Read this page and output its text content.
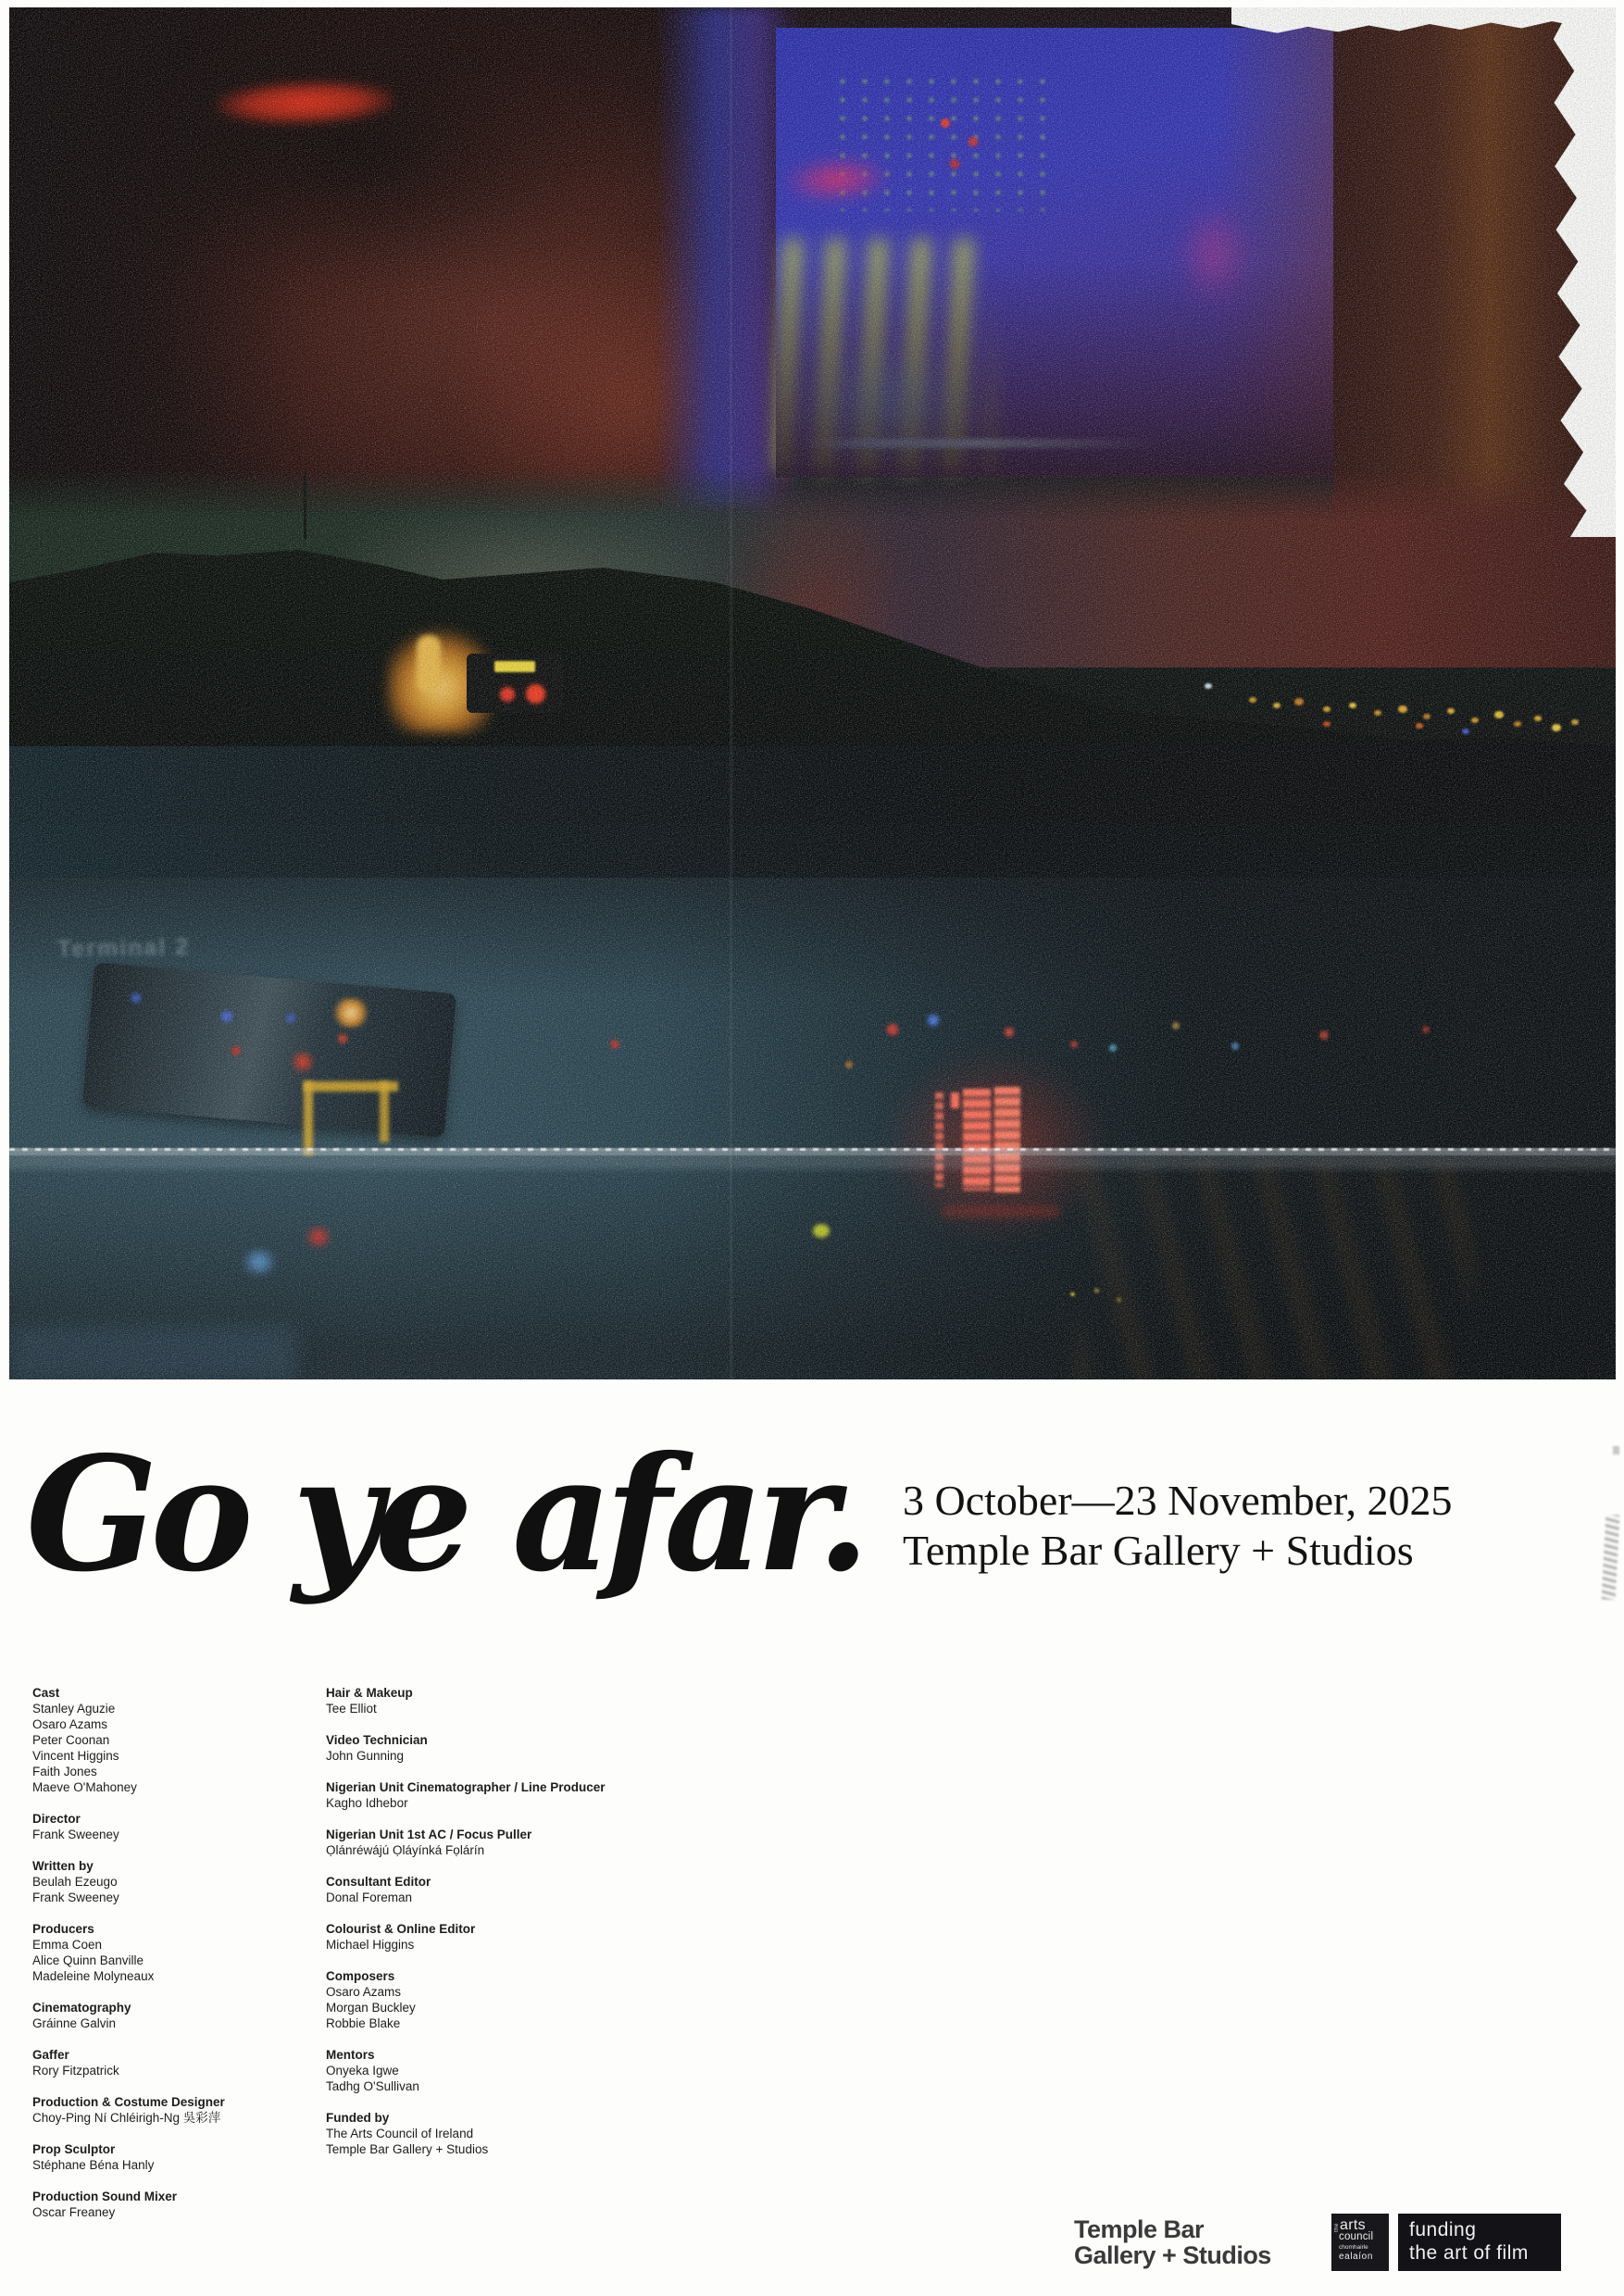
Go ye afar. 3 October—23 November, 2025
Temple Bar Gallery + Studios
Cast
Stanley Aguzie
Osaro Azams
Peter Coonan
Vincent Higgins
Faith Jones
Maeve O'Mahoney
Director
Frank Sweeney
Written by
Beulah Ezeugo
Frank Sweeney
Producers
Emma Coen
Alice Quinn Banville
Madeleine Molyneaux
Cinematography
Gráinne Galvin
Gaffer
Rory Fitzpatrick
Production & Costume Designer
Choy-Ping Ní Chléirigh-Ng 吳彩萍
Prop Sculptor
Stéphane Béna Hanly
Production Sound Mixer
Oscar Freaney
Hair & Makeup
Tee Elliot
Video Technician
John Gunning
Nigerian Unit Cinematographer / Line Producer
Kagho Idhebor
Nigerian Unit 1st AC / Focus Puller
Ọlánréwájú Ọláyínká Fọlárín
Consultant Editor
Donal Foreman
Colourist & Online Editor
Michael Higgins
Composers
Osaro Azams
Morgan Buckley
Robbie Blake
Mentors
Onyeka Igwe
Tadhg O'Sullivan
Funded by
The Arts Council of Ireland
Temple Bar Gallery + Studios
Temple Bar
Gallery + Studios
the arts
council
chomhairle
ealaíon
funding
the art of film
